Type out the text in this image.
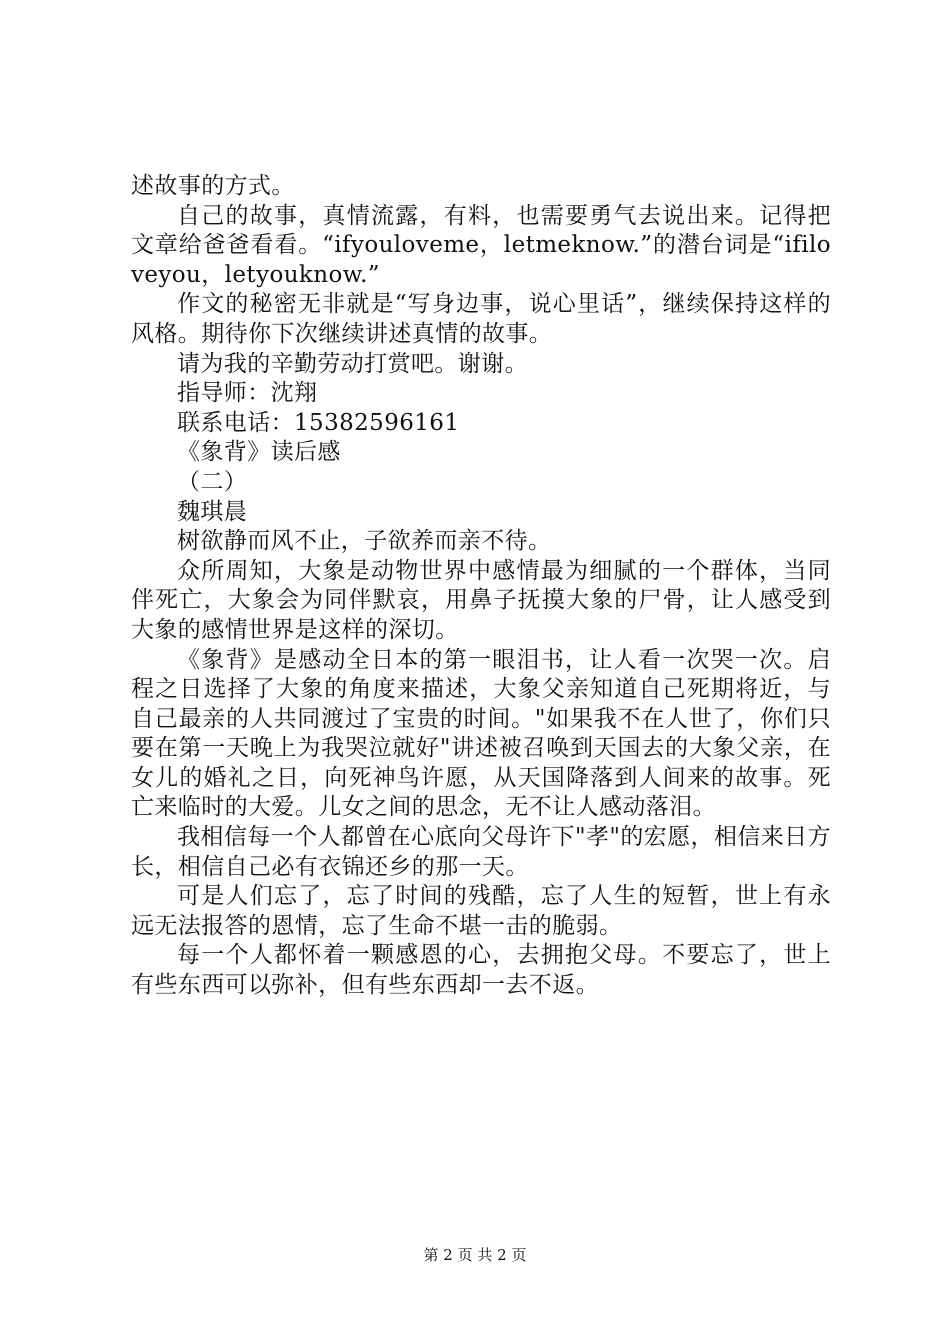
述故事的方式。

自己的故事，真情流露，有料，也需要勇气去说出来。记得把文章给爸爸看看。“ifyouloveme，letmeknow.”的潜台词是“ifiloveyou，letyouknow.”

作文的秘密无非就是“写身边事，说心里话”，继续保持这样的风格。期待你下次继续讲述真情的故事。

请为我的辛勤劳动打赏吧。谢谢。

指导师：沈翔

联系电话：15382596161

《象背》读后感

（二）

魏琪晨

树欲静而风不止，子欲养而亲不待。

众所周知，大象是动物世界中感情最为细腻的一个群体，当同伴死亡，大象会为同伴默哀，用鼻子抚摸大象的尸骨，让人感受到大象的感情世界是这样的深切。

《象背》是感动全日本的第一眼泪书，让人看一次哭一次。启程之日选择了大象的角度来描述，大象父亲知道自己死期将近，与自己最亲的人共同渡过了宝贵的时间。"如果我不在人世了，你们只要在第一天晚上为我哭泣就好"讲述被召唤到天国去的大象父亲，在女儿的婚礼之日，向死神鸟许愿，从天国降落到人间来的故事。死亡来临时的大爱。儿女之间的思念，无不让人感动落泪。

我相信每一个人都曾在心底向父母许下"孝"的宏愿，相信来日方长，相信自己必有衣锦还乡的那一天。

可是人们忘了，忘了时间的残酷，忘了人生的短暂，世上有永远无法报答的恩情，忘了生命不堪一击的脆弱。

每一个人都怀着一颗感恩的心，去拥抱父母。不要忘了，世上有些东西可以弥补，但有些东西却一去不返。

第 2 页 共 2 页
